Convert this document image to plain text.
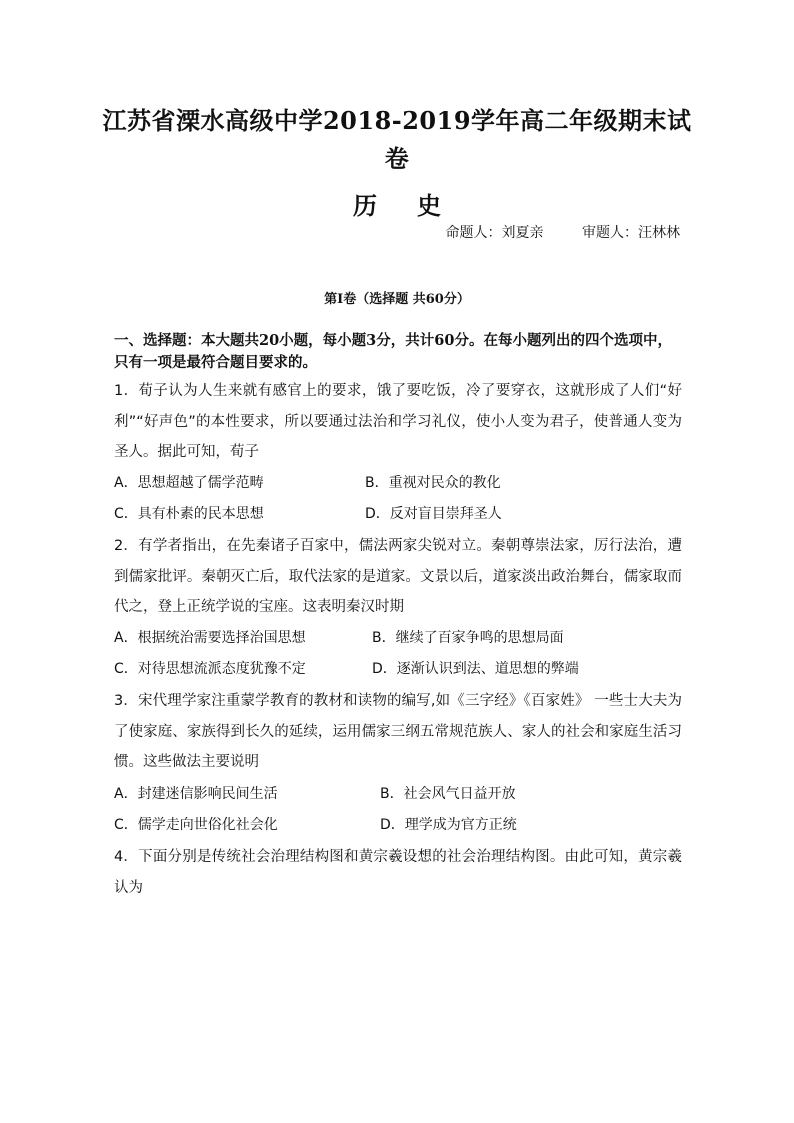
江苏省溧水高级中学2018-2019学年高二年级期末试卷
历史
命题人：刘夏亲	审题人：汪林林
第Ⅰ卷（选择题 共60分）
一、选择题：本大题共20小题，每小题3分，共计60分。在每小题列出的四个选项中，只有一项是最符合题目要求的。
1．荀子认为人生来就有感官上的要求，饿了要吃饭，冷了要穿衣，这就形成了人们“好利”“好声色”的本性要求，所以要通过法治和学习礼仪，使小人变为君子，使普通人变为圣人。据此可知，荀子
A．思想超越了儒学范畴	B．重视对民众的教化
C．具有朴素的民本思想	D．反对盲目崇拜圣人
2．有学者指出，在先秦诸子百家中，儒法两家尖锐对立。秦朝尊崇法家，厉行法治，遭到儒家批评。秦朝灭亡后，取代法家的是道家。文景以后，道家淡出政治舞台，儒家取而代之，登上正统学说的宝座。这表明秦汉时期
A．根据统治需要选择治国思想	B．继续了百家争鸣的思想局面
C．对待思想流派态度犹豫不定	D．逐渐认识到法、道思想的弊端
3．宋代理学家注重蒙学教育的教材和读物的编写,如《三字经》《百家姓》 一些士大夫为了使家庭、家族得到长久的延续，运用儒家三纲五常规范族人、家人的社会和家庭生活习惯。这些做法主要说明
A．封建迷信影响民间生活	B．社会风气日益开放
C．儒学走向世俗化社会化	D．理学成为官方正统
4．下面分别是传统社会治理结构图和黄宗羲设想的社会治理结构图。由此可知，黄宗羲认为
